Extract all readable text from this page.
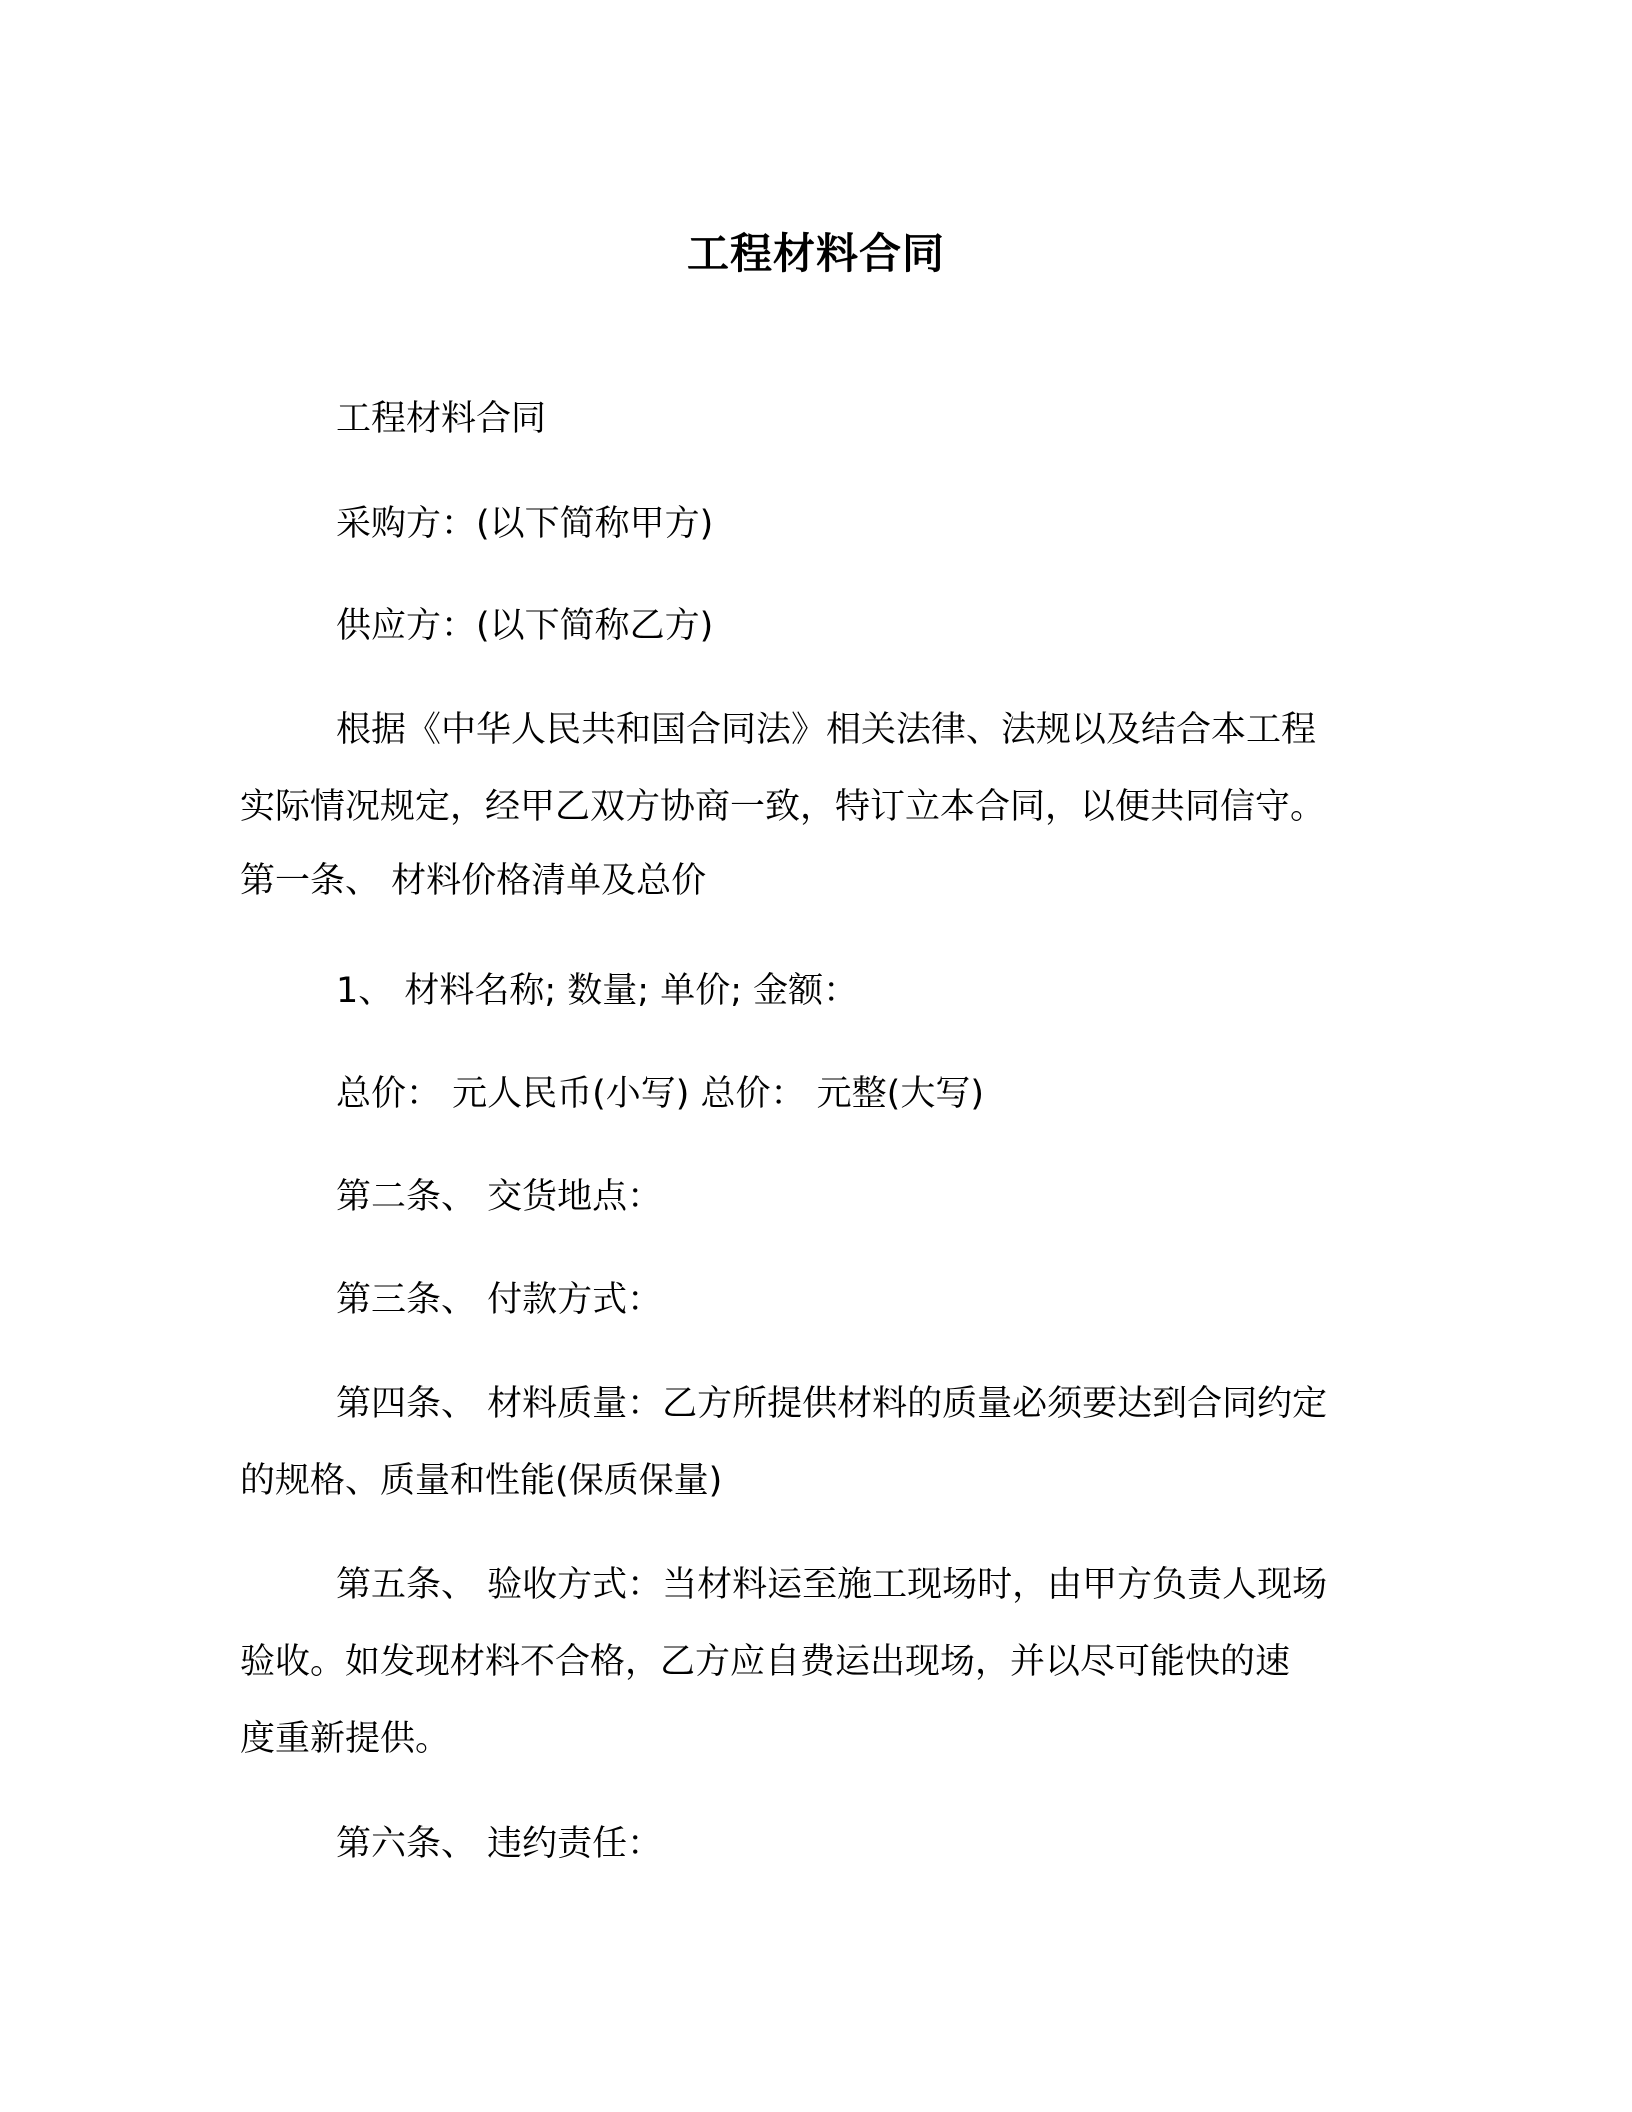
工程材料合同

工程材料合同

采购方：(以下简称甲方)

供应方：(以下简称乙方)

根据《中华人民共和国合同法》相关法律、法规以及结合本工程
实际情况规定，经甲乙双方协商一致，特订立本合同，以便共同信守。
第一条、 材料价格清单及总价

1、 材料名称; 数量; 单价; 金额：

总价： 元人民币(小写) 总价： 元整(大写)

第二条、 交货地点：

第三条、 付款方式：

第四条、 材料质量：乙方所提供材料的质量必须要达到合同约定
的规格、质量和性能(保质保量)

第五条、 验收方式：当材料运至施工现场时，由甲方负责人现场
验收。如发现材料不合格，乙方应自费运出现场，并以尽可能快的速
度重新提供。

第六条、 违约责任：
